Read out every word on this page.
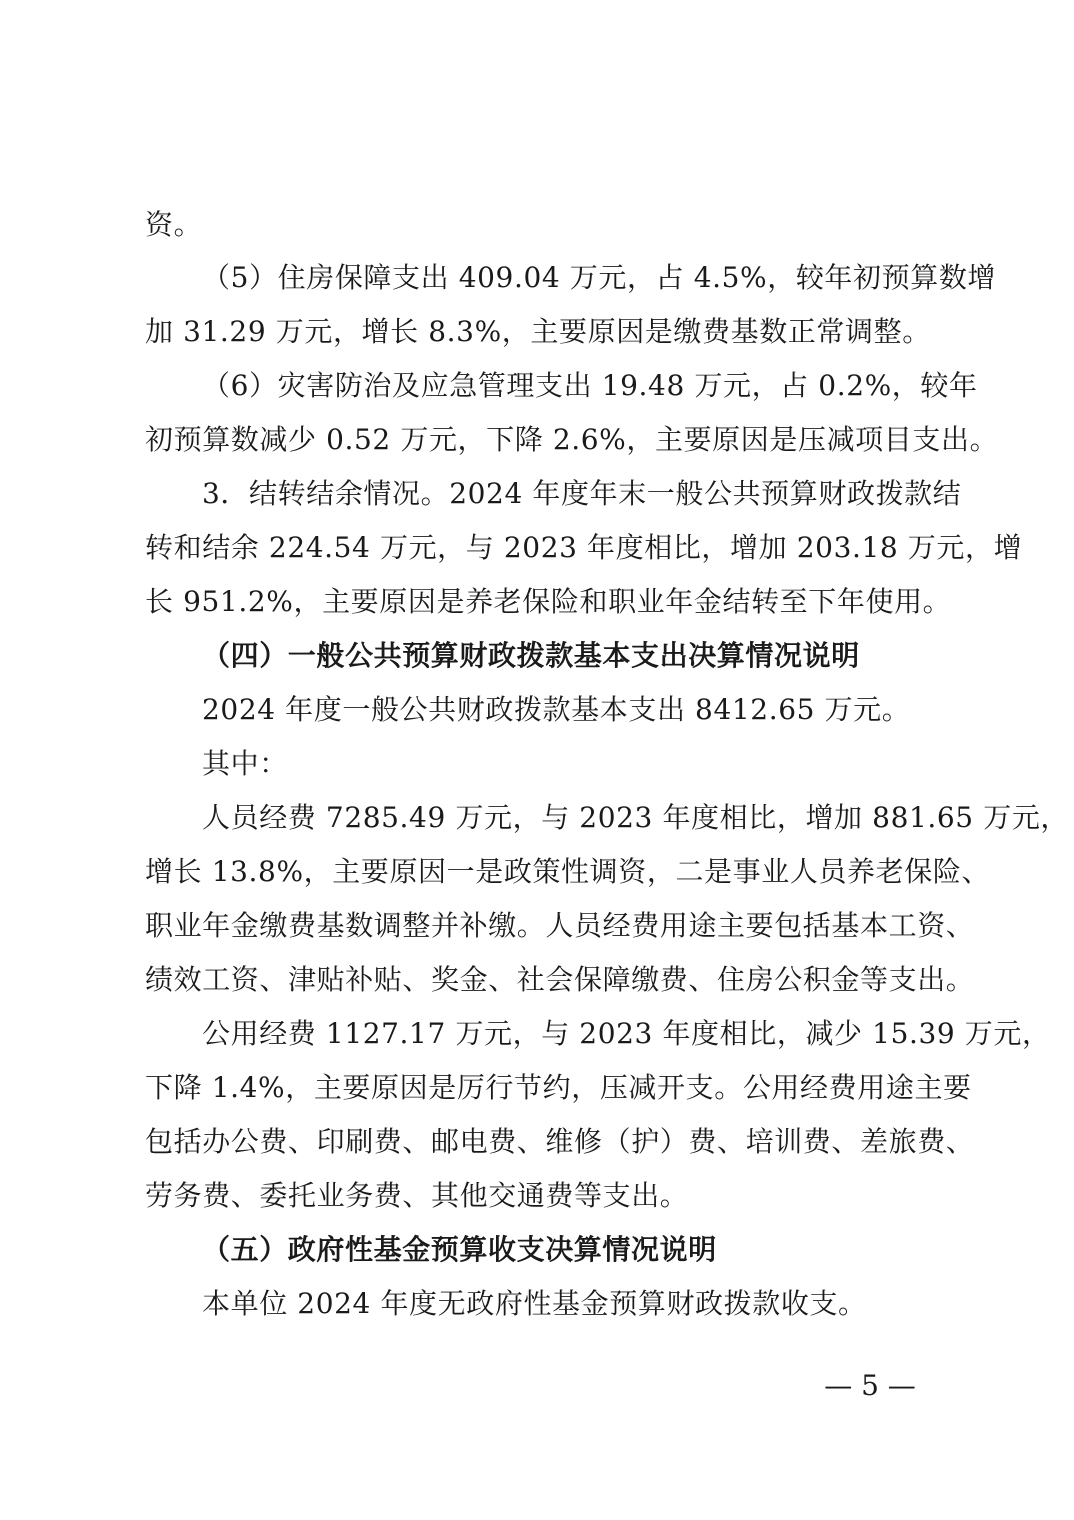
资。
（5）住房保障支出 409.04 万元，占 4.5%，较年初预算数增
加 31.29 万元，增长 8.3%，主要原因是缴费基数正常调整。
（6）灾害防治及应急管理支出 19.48 万元，占 0.2%，较年
初预算数减少 0.52 万元，下降 2.6%，主要原因是压减项目支出。
3．结转结余情况。2024 年度年末一般公共预算财政拨款结
转和结余 224.54 万元，与 2023 年度相比，增加 203.18 万元，增
长 951.2%，主要原因是养老保险和职业年金结转至下年使用。
（四）一般公共预算财政拨款基本支出决算情况说明
2024 年度一般公共财政拨款基本支出 8412.65 万元。
其中：
人员经费 7285.49 万元，与 2023 年度相比，增加 881.65 万元，
增长 13.8%，主要原因一是政策性调资，二是事业人员养老保险、
职业年金缴费基数调整并补缴。人员经费用途主要包括基本工资、
绩效工资、津贴补贴、奖金、社会保障缴费、住房公积金等支出。
公用经费 1127.17 万元，与 2023 年度相比，减少 15.39 万元，
下降 1.4%，主要原因是厉行节约，压减开支。公用经费用途主要
包括办公费、印刷费、邮电费、维修（护）费、培训费、差旅费、
劳务费、委托业务费、其他交通费等支出。
（五）政府性基金预算收支决算情况说明
本单位 2024 年度无政府性基金预算财政拨款收支。
— 5 —
